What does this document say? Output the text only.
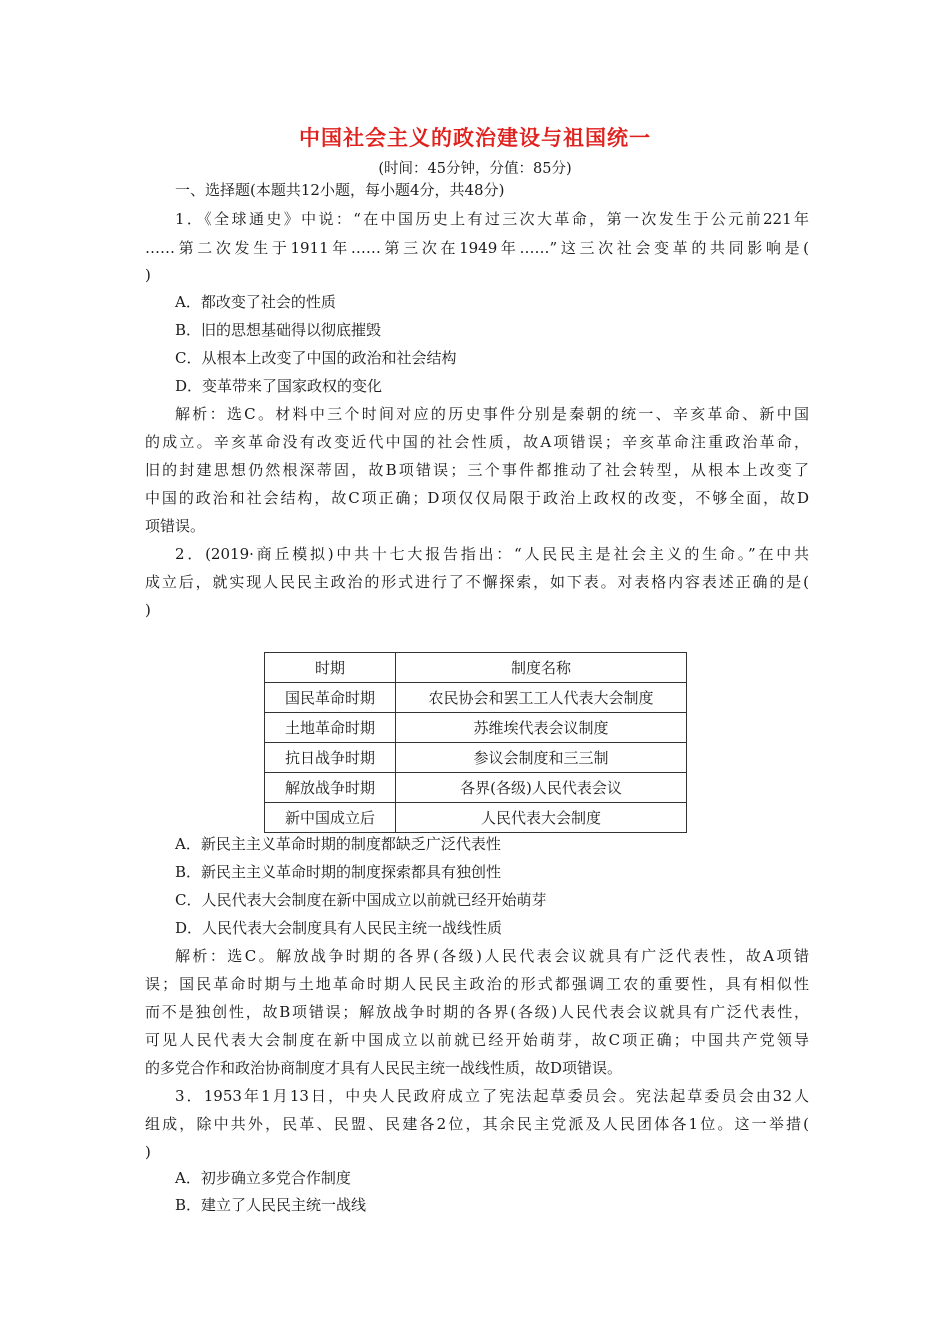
中国社会主义的政治建设与祖国统一
(时间：45分钟，分值：85分)
一、选择题(本题共12小题，每小题4分，共48分)
1．《全球通史》中说：“在中国历史上有过三次大革命，第一次发生于公元前221年
……第二次发生于1911年……第三次在1949年……”这三次社会变革的共同影响是(
)
A．都改变了社会的性质
B．旧的思想基础得以彻底摧毁
C．从根本上改变了中国的政治和社会结构
D．变革带来了国家政权的变化
解析：选C。材料中三个时间对应的历史事件分别是秦朝的统一、辛亥革命、新中国
的成立。辛亥革命没有改变近代中国的社会性质，故A项错误；辛亥革命注重政治革命，
旧的封建思想仍然根深蒂固，故B项错误；三个事件都推动了社会转型，从根本上改变了
中国的政治和社会结构，故C项正确；D项仅仅局限于政治上政权的改变，不够全面，故D
项错误。
2．(2019·商丘模拟)中共十七大报告指出：“人民民主是社会主义的生命。”在中共
成立后，就实现人民民主政治的形式进行了不懈探索，如下表。对表格内容表述正确的是(
)
时期	制度名称
国民革命时期	农民协会和罢工工人代表大会制度
土地革命时期	苏维埃代表会议制度
抗日战争时期	参议会制度和三三制
解放战争时期	各界(各级)人民代表会议
新中国成立后	人民代表大会制度
A．新民主主义革命时期的制度都缺乏广泛代表性
B．新民主主义革命时期的制度探索都具有独创性
C．人民代表大会制度在新中国成立以前就已经开始萌芽
D．人民代表大会制度具有人民民主统一战线性质
解析：选C。解放战争时期的各界(各级)人民代表会议就具有广泛代表性，故A项错
误；国民革命时期与土地革命时期人民民主政治的形式都强调工农的重要性，具有相似性
而不是独创性，故B项错误；解放战争时期的各界(各级)人民代表会议就具有广泛代表性，
可见人民代表大会制度在新中国成立以前就已经开始萌芽，故C项正确；中国共产党领导
的多党合作和政治协商制度才具有人民民主统一战线性质，故D项错误。
3．1953年1月13日，中央人民政府成立了宪法起草委员会。宪法起草委员会由32人
组成，除中共外，民革、民盟、民建各2位，其余民主党派及人民团体各1位。这一举措(
)
A．初步确立多党合作制度
B．建立了人民民主统一战线
